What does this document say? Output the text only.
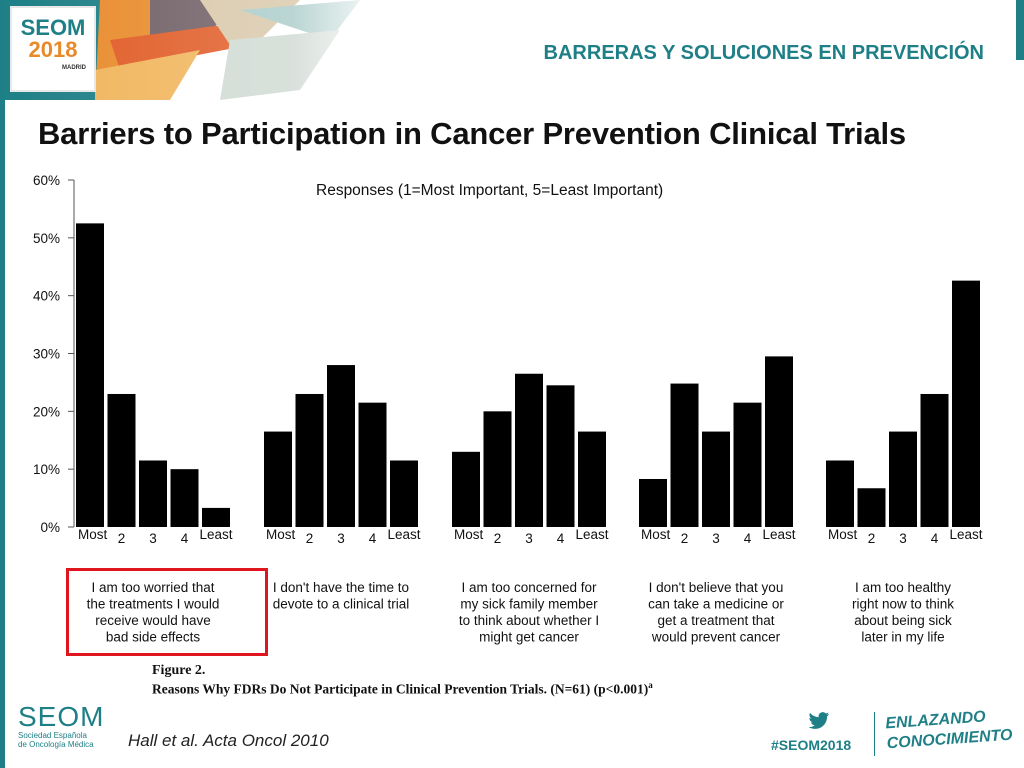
SEOM
2018
MADRID
BARRERAS Y SOLUCIONES EN PREVENCIÓN
Barriers to Participation in Cancer Prevention Clinical Trials
0%
10%
20%
30%
40%
50%
60%
Responses (1=Most Important, 5=Least Important)
Most 2 3 4 Least Most 2 3 4 Least Most 2 3 4 Least Most 2 3 4 Least Most 2 3 4 Least
I am too worried that
the treatments I would
receive would have
bad side effects
I don't have the time to
devote to a clinical trial
I am too concerned for
my sick family member
to think about whether I
might get cancer
I don't believe that you
can take a medicine or
get a treatment that
would prevent cancer
I am too healthy
right now to think
about being sick
later in my life
Figure 2.
Reasons Why FDRs Do Not Participate in Clinical Prevention Trials. (N=61) (p<0.001)$^a$
SEOM
Sociedad Española
de Oncología Médica	Hall et al. Acta Oncol 2010	#SEOM2018
ENLAZANDO
CONOCIMIENTO
